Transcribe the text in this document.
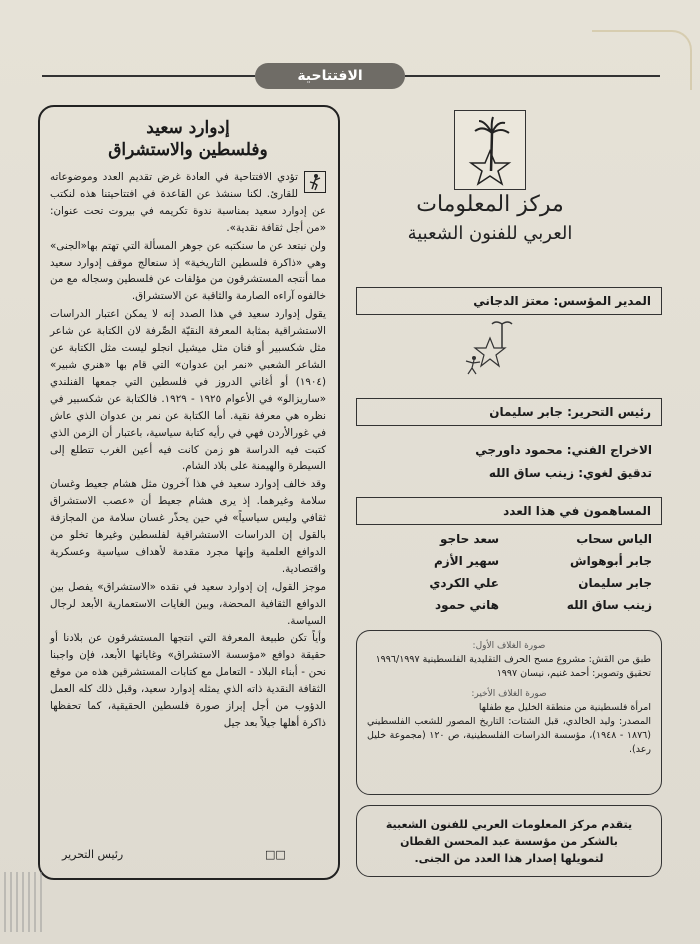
الافتتاحية
إدوارد سعيد
وفلسطين والاستشراق

تؤدي الافتتاحية في العادة غرض تقديم العدد وموضوعاته للقارئ. لكنا سنشذ عن القاعدة في افتتاحيتنا هذه لنكتب عن إدوارد سعيد بمناسبة ندوة تكريمه في بيروت تحت عنوان: «من أجل ثقافة نقدية».

ولن نبتعد عن ما سنكتبه عن جوهر المسألة التي تهتم بها«الجنى» وهي «ذاكرة فلسطين التاريخية» إذ سنعالج موقف إدوارد سعيد مما أنتجه المستشرقون من مؤلفات عن فلسطين وسجاله مع من خالفوه آراءه الصارمة والثاقبة عن الاستشراق.

يقول إدوارد سعيد في هذا الصدد إنه لا يمكن اعتبار الدراسات الاستشراقية بمثابة المعرفة النقيّة الصِّرفة لان الكتابة عن شاعر مثل شكسبير أو فنان مثل ميشيل انجلو ليست مثل الكتابة عن الشاعر الشعبي «نمر ابن عدوان» التي قام بها «هنري شبير» (١٩٠٤) أو أغاني الدروز في فلسطين التي جمعها الفنلندي «ساريزالو» في الأعوام ١٩٢٥ - ١٩٢٩. فالكتابة عن شكسبير في نظره هي معرفة نقية. أما الكتابة عن نمر بن عدوان الذي عاش في غورالأردن فهي في رأيه كتابة سياسية، باعتبار أن الزمن الذي كتبت فيه الدراسة هو زمن كانت فيه أعين الغرب تتطلع إلى السيطرة والهيمنة على بلاد الشام.

وقد خالف إدوارد سعيد في هذا آخرون مثل هشام جعيط وغسان سلامة وغيرهما. إذ يرى هشام جعيط أن «عصب الاستشراق ثقافي وليس سياسياً» في حين يحذّر غسان سلامة من المجازفة بالقول إن الدراسات الاستشراقية لفلسطين وغيرها تخلو من الدوافع العلمية وإنها مجرد مقدمة لأهداف سياسية وعسكرية واقتصادية.

موجز القول، إن إدوارد سعيد في نقده «الاستشراق» يفصل بين الدوافع الثقافية المحضة، وبين الغايات الاستعمارية الأبعد لرجال السياسة.

وأياً تكن طبيعة المعرفة التي انتجها المستشرقون عن بلادنا أو حقيقة دوافع «مؤسسة الاستشراق» وغاياتها الأبعد، فإن واجبنا نحن - أبناء البلاد - التعامل مع كتابات المستشرقين هذه من موقع الثقافة النقدية ذاته الذي يمثله إدوارد سعيد، وقبل ذلك كله العمل الدؤوب من أجل إبراز صورة فلسطين الحقيقية، كما تحفظها ذاكرة أهلها جيلاً بعد جيل

رئيس التحرير	□□
مركز المعلومات
العربي للفنون الشعبية
المدير المؤسس: معتز الدجاني
رئيس التحرير: جابر سليمان
الاخراج الفني: محمود داورجي
تدقيق لغوي: زينب ساق الله
المساهمون في هذا العدد
الياس سحاب
سعد حاجو
جابر أبوهواش
سهير الأزم
جابر سليمان
علي الكردي
زينب ساق الله
هاني حمود
صورة الغلاف الأول:
طبق من القش: مشروع مسح الحرف التقليدية الفلسطينية ١٩٩٦/١٩٩٧
تحقيق وتصوير: أحمد غنيم، نيسان ١٩٩٧
صورة الغلاف الأخير:
امرأة فلسطينية من منطقة الخليل مع طفلها
المصدر: وليد الخالدي، قبل الشتات: التاريخ المصور للشعب الفلسطيني (١٨٧٦ - ١٩٤٨)، مؤسسة الدراسات الفلسطينية، ص ١٢٠ (مجموعة خليل رعد).
يتقدم مركز المعلومات العربي للفنون الشعبية
بالشكر من مؤسسة عبد المحسن القطان
لتمويلها إصدار هذا العدد من الجنى.
